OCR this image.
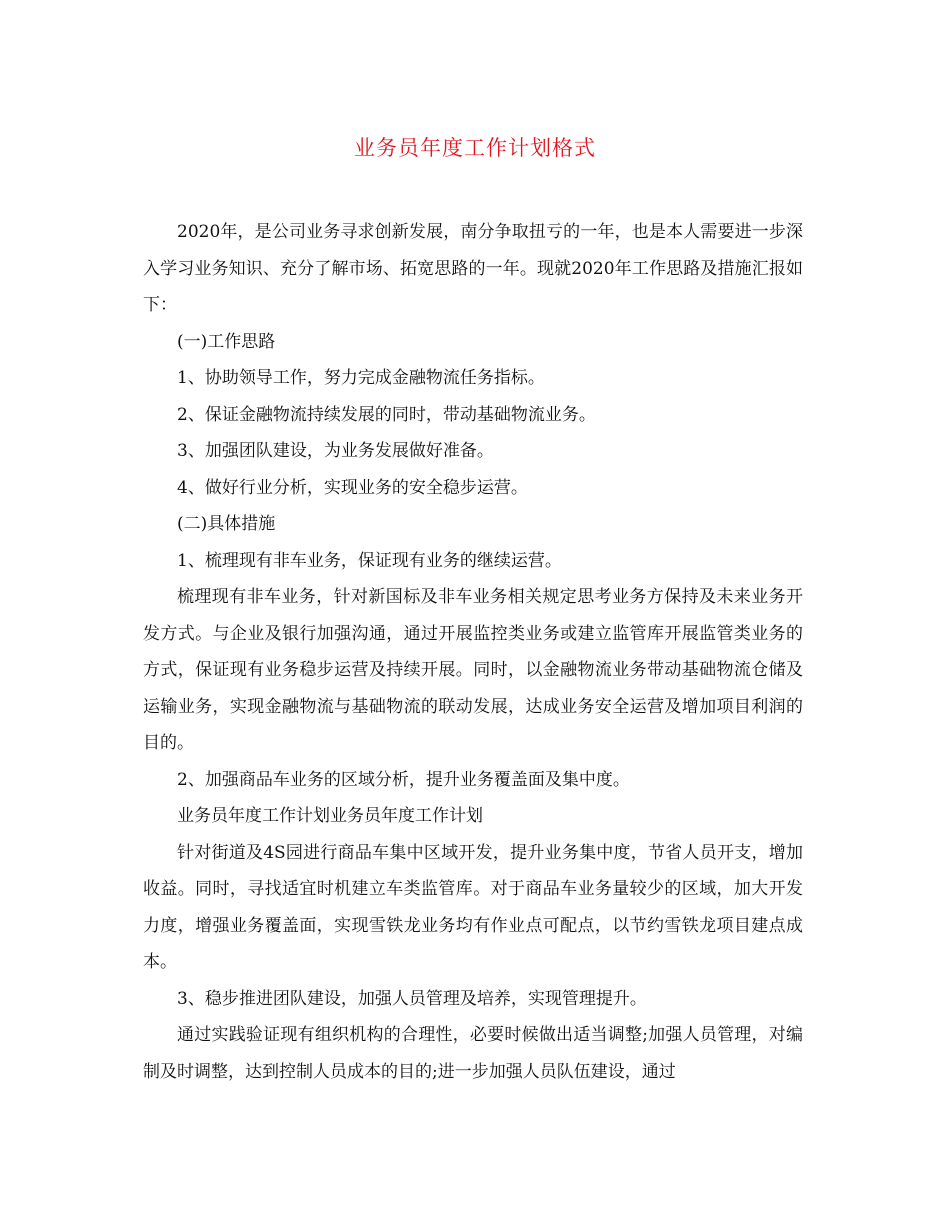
业务员年度工作计划格式

2020年，是公司业务寻求创新发展，南分争取扭亏的一年，也是本人需要进一步深入学习业务知识、充分了解市场、拓宽思路的一年。现就2020年工作思路及措施汇报如下：

(一)工作思路

1、协助领导工作，努力完成金融物流任务指标。

2、保证金融物流持续发展的同时，带动基础物流业务。

3、加强团队建设，为业务发展做好准备。

4、做好行业分析，实现业务的安全稳步运营。

(二)具体措施

1、梳理现有非车业务，保证现有业务的继续运营。

梳理现有非车业务，针对新国标及非车业务相关规定思考业务方保持及未来业务开发方式。与企业及银行加强沟通，通过开展监控类业务或建立监管库开展监管类业务的方式，保证现有业务稳步运营及持续开展。同时，以金融物流业务带动基础物流仓储及运输业务，实现金融物流与基础物流的联动发展，达成业务安全运营及增加项目利润的目的。

2、加强商品车业务的区域分析，提升业务覆盖面及集中度。

业务员年度工作计划业务员年度工作计划

针对街道及4S园进行商品车集中区域开发，提升业务集中度，节省人员开支，增加收益。同时，寻找适宜时机建立车类监管库。对于商品车业务量较少的区域，加大开发力度，增强业务覆盖面，实现雪铁龙业务均有作业点可配点，以节约雪铁龙项目建点成本。

3、稳步推进团队建设，加强人员管理及培养，实现管理提升。

通过实践验证现有组织机构的合理性，必要时候做出适当调整;加强人员管理，对编制及时调整，达到控制人员成本的目的;进一步加强人员队伍建设，通过
